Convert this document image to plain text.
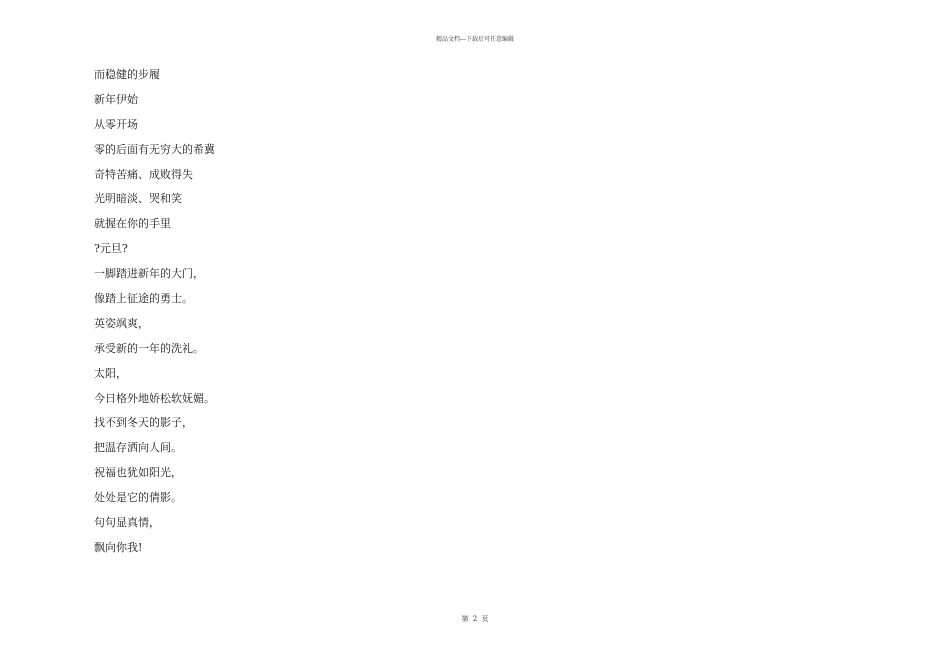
精品文档---下载后可任意编辑
而稳健的步履
新年伊始
从零开场
零的后面有无穷大的希冀
奇特苦痛、成败得失
光明暗淡、哭和笑
就握在你的手里
?元旦?
一脚踏进新年的大门，
像踏上征途的勇士。
英姿飒爽，
承受新的一年的洗礼。
太阳，
今日格外地娇松软妩媚。
找不到冬天的影子，
把温存洒向人间。
祝福也犹如阳光，
处处是它的倩影。
句句显真情，
飘向你我!
第 2 页
